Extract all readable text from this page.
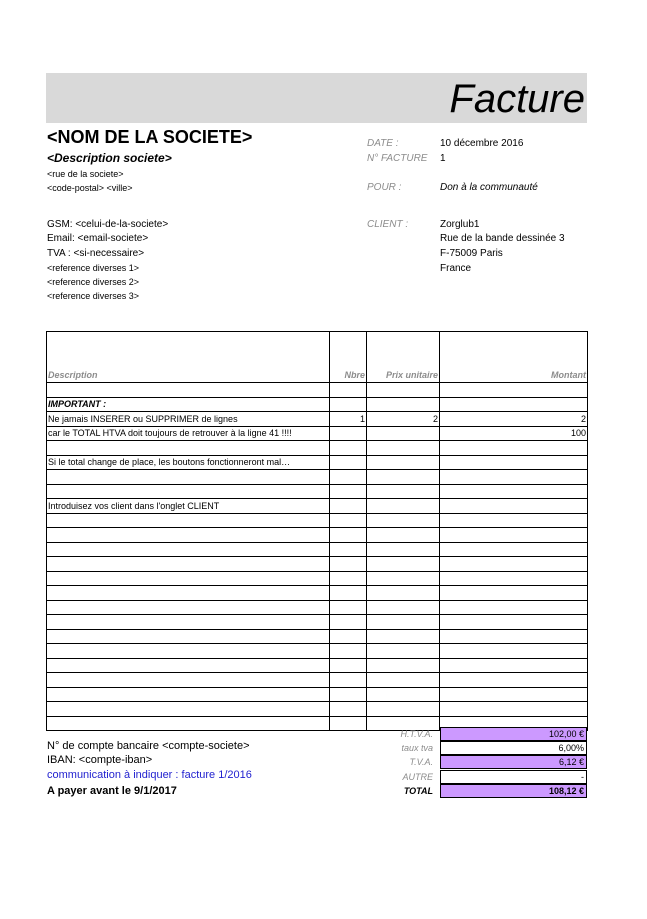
Facture
<NOM DE LA SOCIETE>
<Description societe>
<rue de la societe>
<code-postal> <ville>
GSM: <celui-de-la-societe>
Email: <email-societe>
TVA : <si-necessaire>
<reference diverses 1>
<reference diverses 2>
<reference diverses 3>
DATE :	10 décembre 2016
N° FACTURE 1
POUR :	Don à la communauté
CLIENT :	Zorglub1
Rue de la bande dessinée 3
F-75009 Paris
France
Description	Nbre	Prix unitaire	Montant

IMPORTANT :			
Ne jamais INSERER ou SUPPRIMER de lignes	1	2	2
car le TOTAL HTVA doit toujours de retrouver à la ligne 41 !!!!			100

Si le total change de place, les boutons fonctionneront mal…			

Introduisez vos client dans l'onglet CLIENT			

H.T.V.A.	102,00 €
taux tva	6,00%
T.V.A.	6,12 €
AUTRE	-
TOTAL	108,12 €
N° de compte bancaire <compte-societe>
IBAN: <compte-iban>
communication à indiquer : facture 1/2016
A payer avant le 9/1/2017
